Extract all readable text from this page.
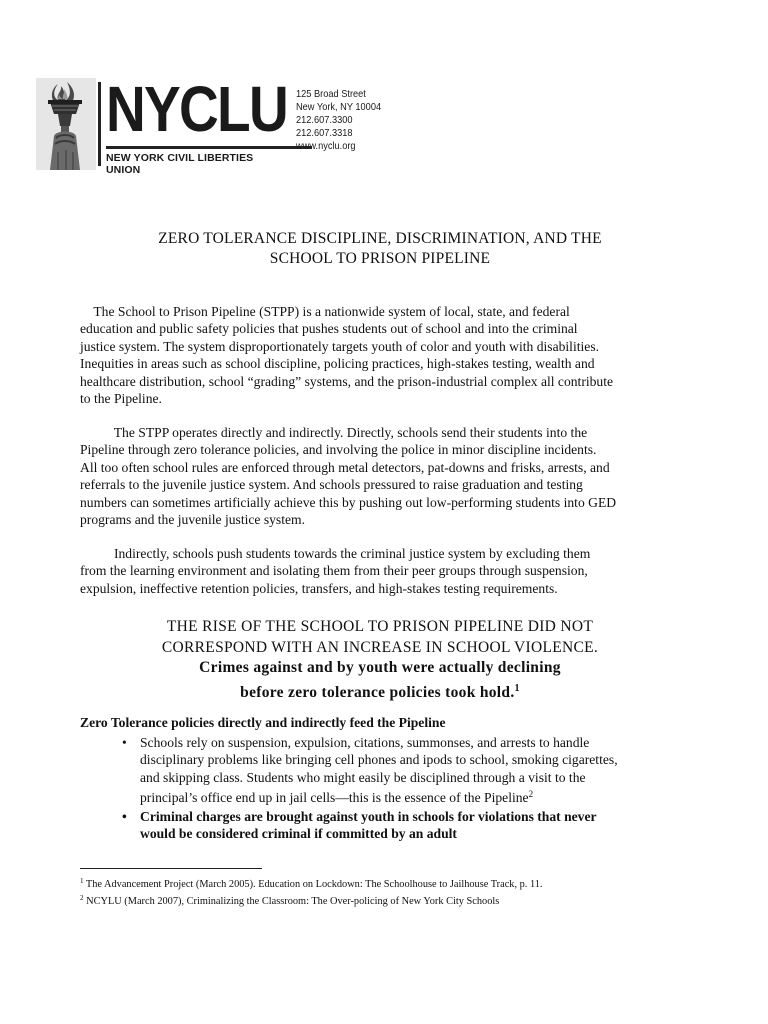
NYCLU
NEW YORK CIVIL LIBERTIES UNION
125 Broad Street
New York, NY 10004
212.607.3300
212.607.3318
www.nyclu.org
ZERO TOLERANCE DISCIPLINE, DISCRIMINATION, AND THE
SCHOOL TO PRISON PIPELINE
The School to Prison Pipeline (STPP) is a nationwide system of local, state, and federal
education and public safety policies that pushes students out of school and into the criminal
justice system. The system disproportionately targets youth of color and youth with disabilities.
Inequities in areas such as school discipline, policing practices, high-stakes testing, wealth and
healthcare distribution, school “grading” systems, and the prison-industrial complex all contribute
to the Pipeline.
The STPP operates directly and indirectly. Directly, schools send their students into the
Pipeline through zero tolerance policies, and involving the police in minor discipline incidents.
All too often school rules are enforced through metal detectors, pat-downs and frisks, arrests, and
referrals to the juvenile justice system. And schools pressured to raise graduation and testing
numbers can sometimes artificially achieve this by pushing out low-performing students into GED
programs and the juvenile justice system.
Indirectly, schools push students towards the criminal justice system by excluding them
from the learning environment and isolating them from their peer groups through suspension,
expulsion, ineffective retention policies, transfers, and high-stakes testing requirements.
THE RISE OF THE SCHOOL TO PRISON PIPELINE DID NOT
CORRESPOND WITH AN INCREASE IN SCHOOL VIOLENCE.
Crimes against and by youth were actually declining
before zero tolerance policies took hold.$^1$
Zero Tolerance policies directly and indirectly feed the Pipeline
• Schools rely on suspension, expulsion, citations, summonses, and arrests to handle
disciplinary problems like bringing cell phones and ipods to school, smoking cigarettes,
and skipping class. Students who might easily be disciplined through a visit to the
principal’s office end up in jail cells—this is the essence of the Pipeline$^2$
• Criminal charges are brought against youth in schools for violations that never
would be considered criminal if committed by an adult
$^1$ The Advancement Project (March 2005). Education on Lockdown: The Schoolhouse to Jailhouse Track, p. 11.
$^2$ NCYLU (March 2007), Criminalizing the Classroom: The Over-policing of New York City Schools
